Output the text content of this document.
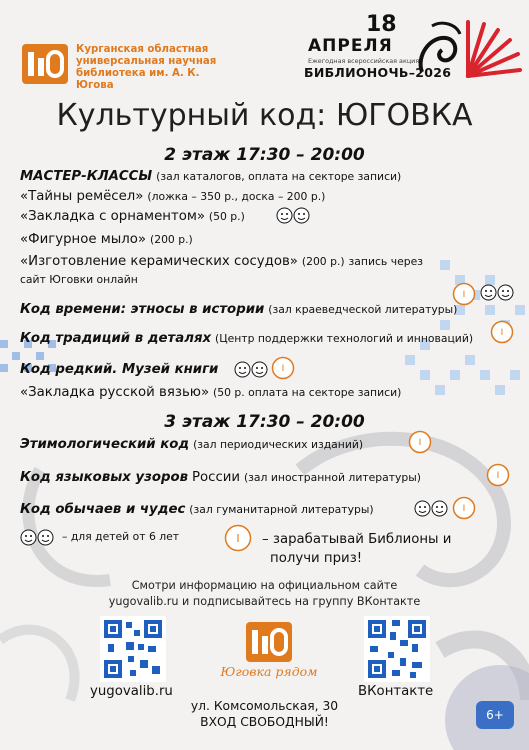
Курганская областная универсальная научная библиотека им. А. К. Югова
18
АПРЕЛЯ
Ежегодная всероссийская акция
БИБЛИОНОЧЬ–2026
Культурный код: ЮГОВКА
2 этаж 17:30 – 20:00
МАСТЕР-КЛАССЫ (зал каталогов, оплата на секторе записи)
«Тайны ремёсел» (ложка – 350 р., доска – 200 р.)
«Закладка с орнаментом» (50 р.)
«Фигурное мыло» (200 р.)
«Изготовление керамических сосудов» (200 р.) запись через
сайт Юговки онлайн
Код времени: этносы в истории (зал краеведческой литературы)
I
I
Код традиций в деталях (Центр поддержки технологий и инноваций)
Код редкий. Музей книги	I
«Закладка русской вязью» (50 р. оплата на секторе записи)
3 этаж 17:30 – 20:00
Этимологический код (зал периодических изданий)	I
Код языковых узоров России (зал иностранной литературы)	I
Код обычаев и чудес (зал гуманитарной литературы)	I
– для детей от 6 лет	I – зарабатывай Библионы и
получи приз!
Смотри информацию на официальном сайте
yugovalib.ru и подписывайтесь на группу ВКонтакте
yugovalib.ru	ВКонтакте
Юговка рядом
ул. Комсомольская, 30
ВХОД СВОБОДНЫЙ!	6+
